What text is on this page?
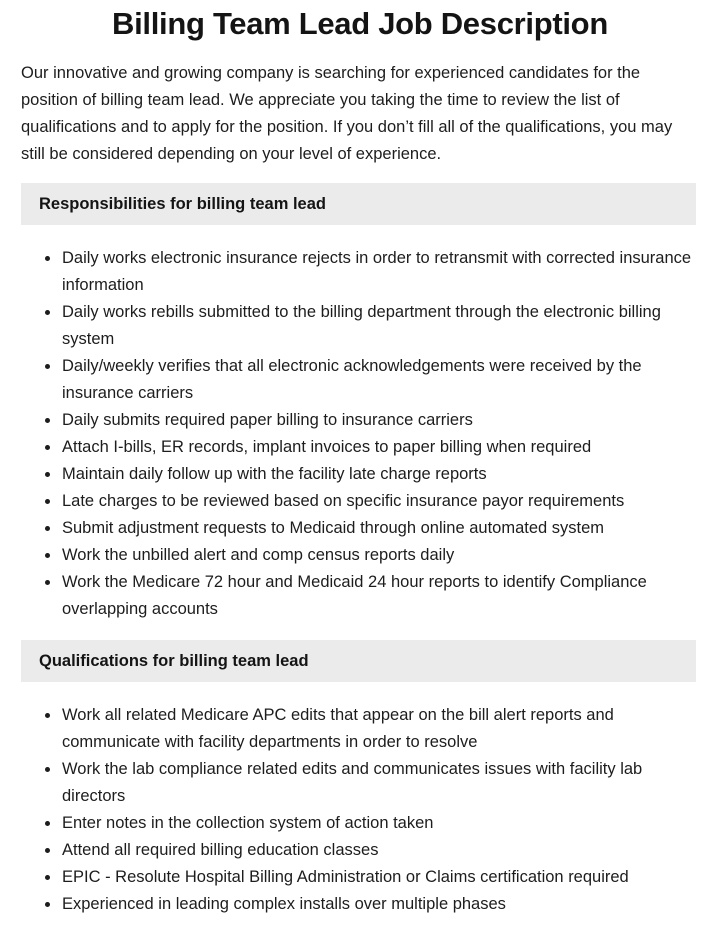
Billing Team Lead Job Description

Our innovative and growing company is searching for experienced candidates for the position of billing team lead. We appreciate you taking the time to review the list of qualifications and to apply for the position. If you don’t fill all of the qualifications, you may still be considered depending on your level of experience.

Responsibilities for billing team lead
Daily works electronic insurance rejects in order to retransmit with corrected insurance information
Daily works rebills submitted to the billing department through the electronic billing system
Daily/weekly verifies that all electronic acknowledgements were received by the insurance carriers
Daily submits required paper billing to insurance carriers
Attach I-bills, ER records, implant invoices to paper billing when required
Maintain daily follow up with the facility late charge reports
Late charges to be reviewed based on specific insurance payor requirements
Submit adjustment requests to Medicaid through online automated system
Work the unbilled alert and comp census reports daily
Work the Medicare 72 hour and Medicaid 24 hour reports to identify Compliance overlapping accounts
Qualifications for billing team lead
Work all related Medicare APC edits that appear on the bill alert reports and communicate with facility departments in order to resolve
Work the lab compliance related edits and communicates issues with facility lab directors
Enter notes in the collection system of action taken
Attend all required billing education classes
EPIC - Resolute Hospital Billing Administration or Claims certification required
Experienced in leading complex installs over multiple phases
